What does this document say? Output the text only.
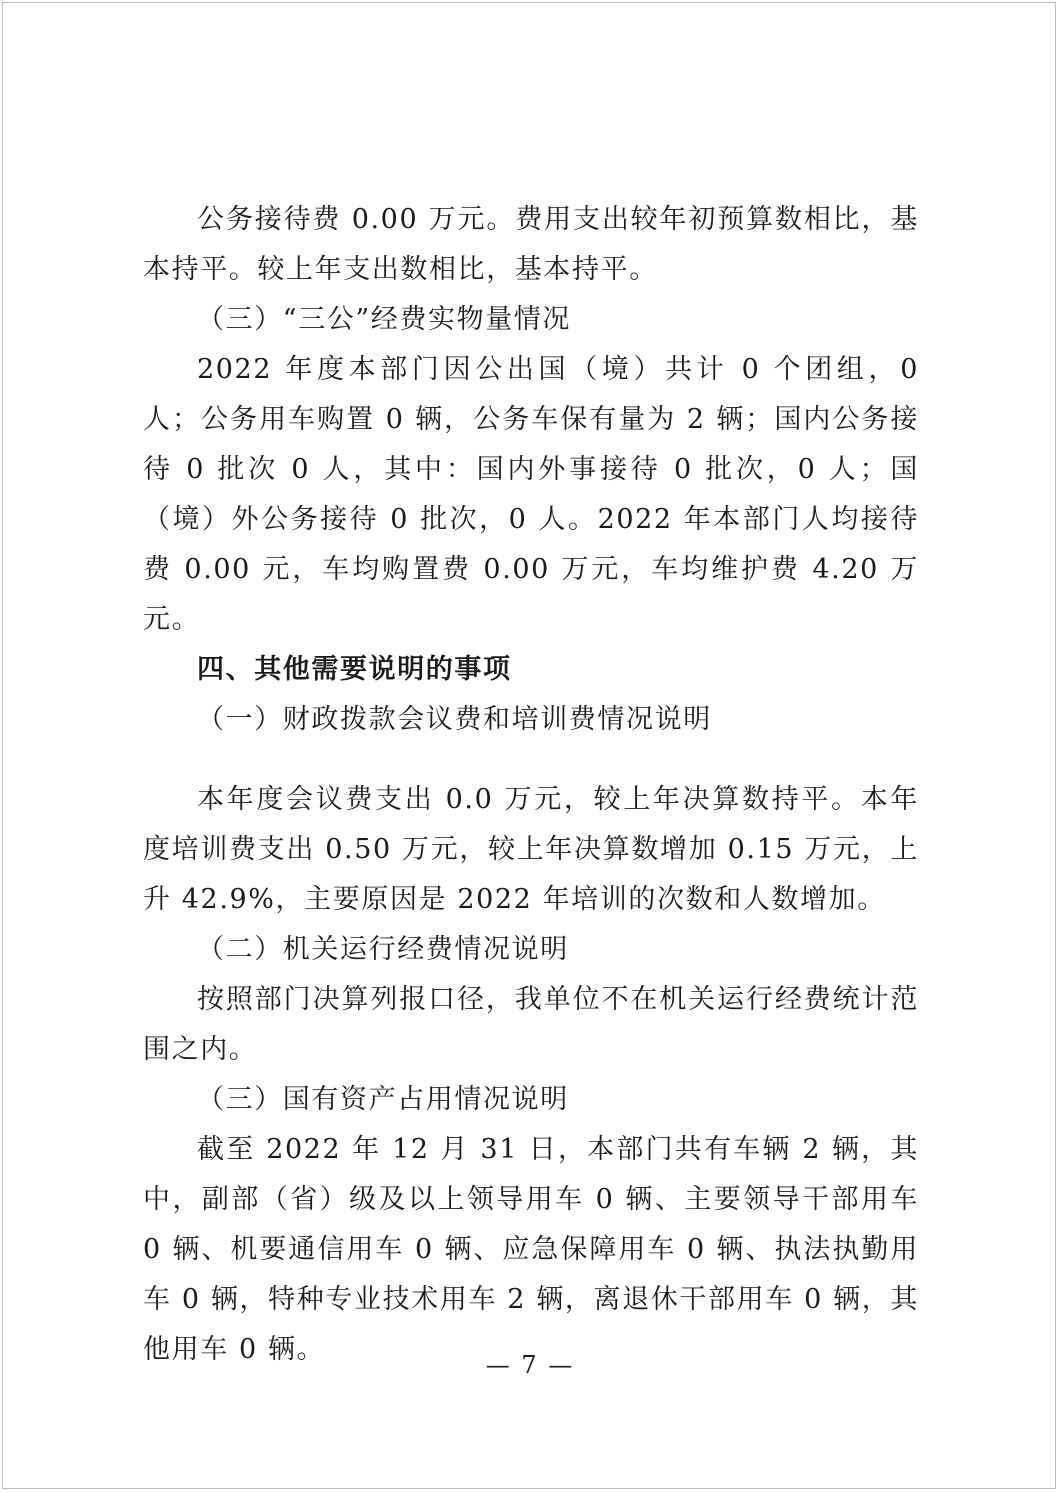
公务接待费 0.00 万元。费用支出较年初预算数相比，基本持平。较上年支出数相比，基本持平。

（三）“三公”经费实物量情况

2022 年度本部门因公出国（境）共计 0 个团组，0 人；公务用车购置 0 辆，公务车保有量为 2 辆；国内公务接待 0 批次 0 人，其中：国内外事接待 0 批次，0 人；国（境）外公务接待 0 批次，0 人。2022 年本部门人均接待费 0.00 元，车均购置费 0.00 万元，车均维护费 4.20 万元。

四、其他需要说明的事项

（一）财政拨款会议费和培训费情况说明

本年度会议费支出 0.0 万元，较上年决算数持平。本年度培训费支出 0.50 万元，较上年决算数增加 0.15 万元，上升 42.9%，主要原因是 2022 年培训的次数和人数增加。

（二）机关运行经费情况说明

按照部门决算列报口径，我单位不在机关运行经费统计范围之内。

（三）国有资产占用情况说明

截至 2022 年 12 月 31 日，本部门共有车辆 2 辆，其中，副部（省）级及以上领导用车 0 辆、主要领导干部用车 0 辆、机要通信用车 0 辆、应急保障用车 0 辆、执法执勤用车 0 辆，特种专业技术用车 2 辆，离退休干部用车 0 辆，其他用车 0 辆。	— 7 —
